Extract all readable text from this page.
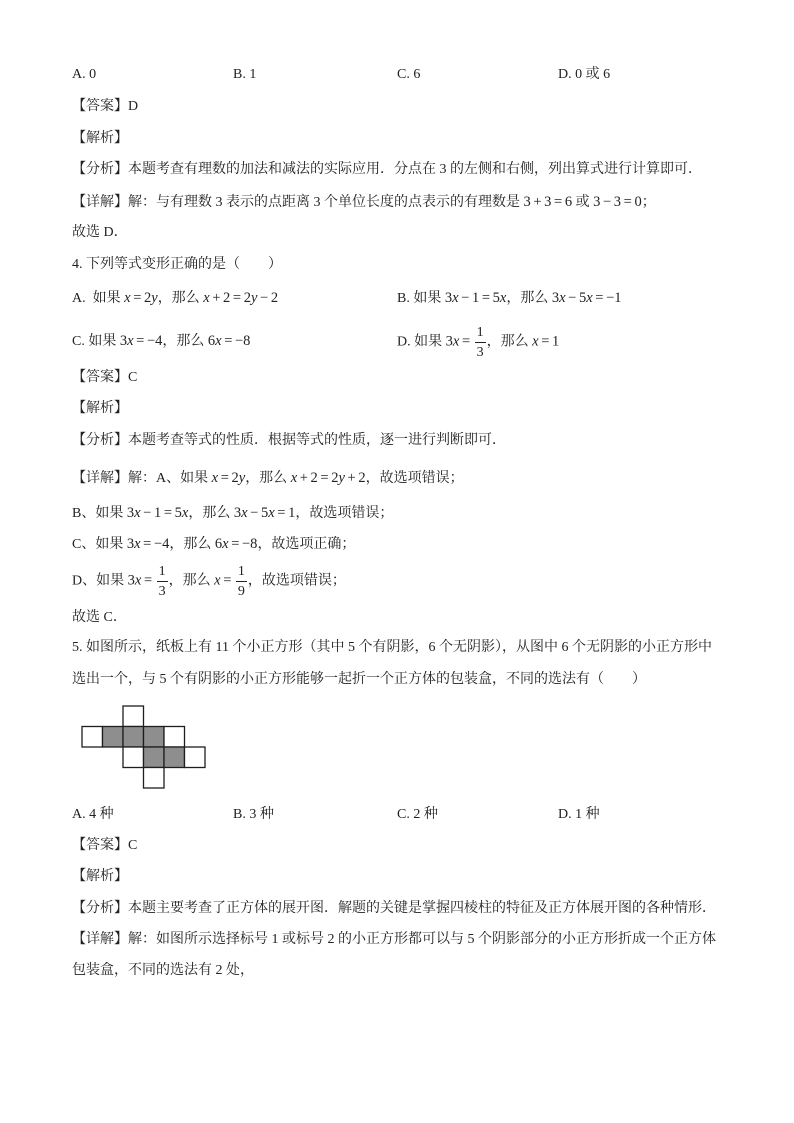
A. 0	B. 1	C. 6	D. 0 或 6
【答案】D
【解析】
【分析】本题考查有理数的加法和减法的实际应用．分点在 3 的左侧和右侧，列出算式进行计算即可．
【详解】解：与有理数 3 表示的点距离 3 个单位长度的点表示的有理数是 3 + 3 = 6 或 3 − 3 = 0；
故选 D．
4. 下列等式变形正确的是（　　）
A. 如果 x = 2y，那么 x + 2 = 2y − 2	B. 如果 3x − 1 = 5x，那么 3x − 5x = −1
C. 如果 3x = −4，那么 6x = −8	D. 如果 $3x = \frac{1}{3}$ ，那么 x = 1
【答案】C
【解析】
【分析】本题考查等式的性质．根据等式的性质，逐一进行判断即可．
【详解】解：A、如果 x = 2y，那么 x + 2 = 2y + 2，故选项错误；
B、如果 3x − 1 = 5x，那么 3x − 5x = 1，故选项错误；
C、如果 3x = −4，那么 6x = −8，故选项正确；
D、如果 $3x = \frac{1}{3}$ ，那么 $x = \frac{1}{9}$ ，故选项错误；
故选 C．
5. 如图所示，纸板上有 11 个小正方形（其中 5 个有阴影，6 个无阴影），从图中 6 个无阴影的小正方形中
选出一个，与 5 个有阴影的小正方形能够一起折一个正方体的包装盒，不同的选法有（　　）
A. 4 种	B. 3 种	C. 2 种	D. 1 种
【答案】C
【解析】
【分析】本题主要考查了正方体的展开图．解题的关键是掌握四棱柱的特征及正方体展开图的各种情形．
【详解】解：如图所示选择标号 1 或标号 2 的小正方形都可以与 5 个阴影部分的小正方形折成一个正方体
包装盒，不同的选法有 2 处，
